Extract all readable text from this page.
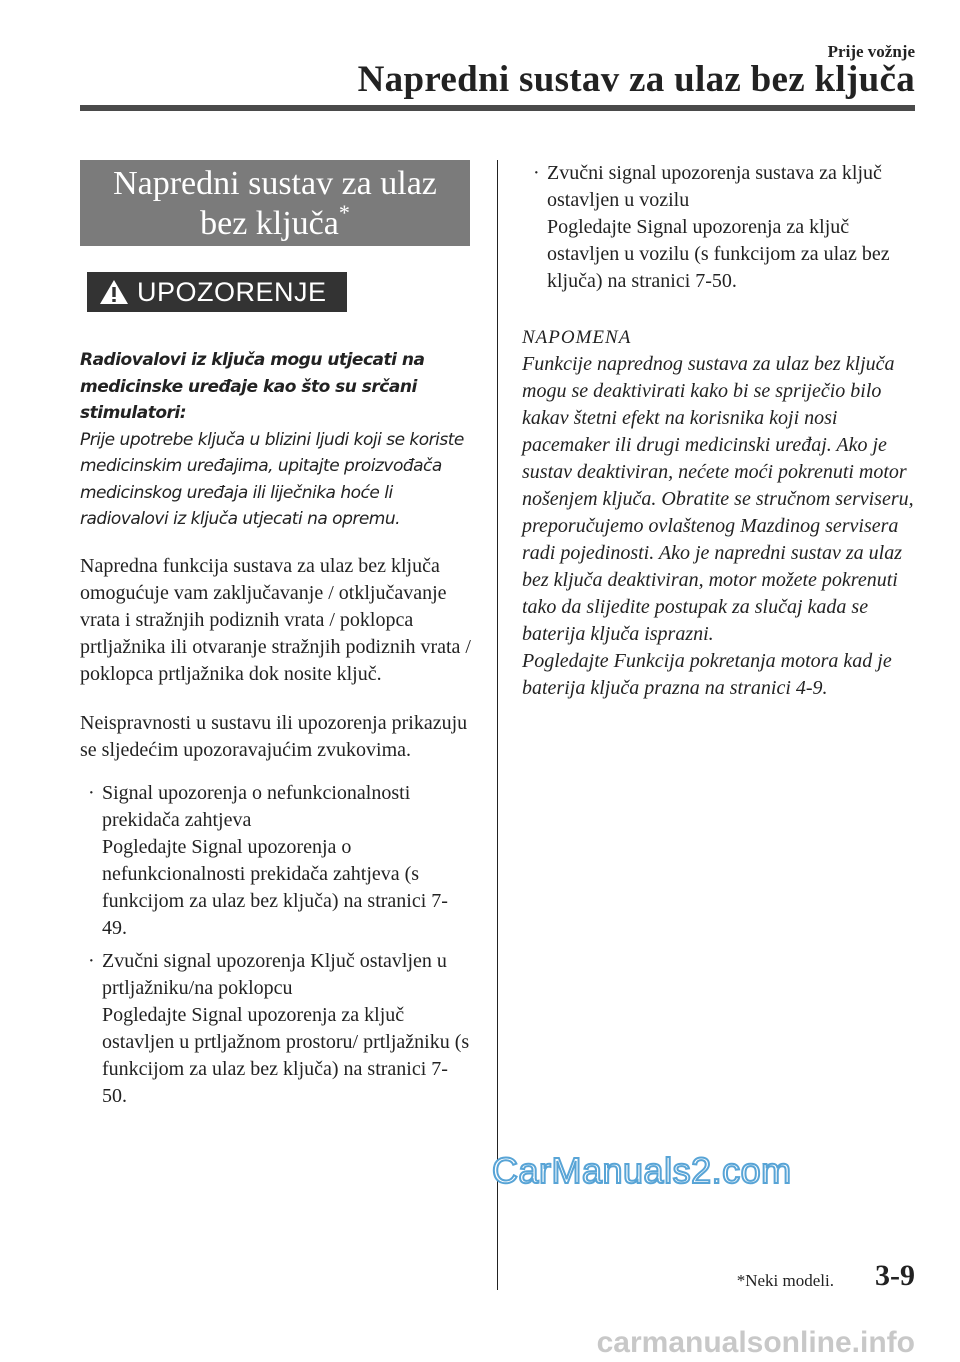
Prije vožnje
Napredni sustav za ulaz bez ključa
Napredni sustav za ulaz
bez ključa*
UPOZORENJE
Radiovalovi iz ključa mogu utjecati na medicinske uređaje kao što su srčani stimulatori:
Prije upotrebe ključa u blizini ljudi koji se koriste medicinskim uređajima, upitajte proizvođača medicinskog uređaja ili liječnika hoće li radiovalovi iz ključa utjecati na opremu.

Napredna funkcija sustava za ulaz bez ključa omogućuje vam zaključavanje / otključavanje vrata i stražnjih podiznih vrata / poklopca prtljažnika ili otvaranje stražnjih podiznih vrata / poklopca prtljažnika dok nosite ključ.

Neispravnosti u sustavu ili upozorenja prikazuju se sljedećim upozoravajućim zvukovima.

· Signal upozorenja o nefunkcionalnosti prekidača zahtjeva
Pogledajte Signal upozorenja o nefunkcionalnosti prekidača zahtjeva (s funkcijom za ulaz bez ključa) na stranici 7-49.
· Zvučni signal upozorenja Ključ ostavljen u prtljažniku/na poklopcu
Pogledajte Signal upozorenja za ključ ostavljen u prtljažnom prostoru/ prtljažniku (s funkcijom za ulaz bez ključa) na stranici 7-50.
· Zvučni signal upozorenja sustava za ključ ostavljen u vozilu
Pogledajte Signal upozorenja za ključ ostavljen u vozilu (s funkcijom za ulaz bez ključa) na stranici 7-50.
NAPOMENA
Funkcije naprednog sustava za ulaz bez ključa mogu se deaktivirati kako bi se spriječio bilo kakav štetni efekt na korisnika koji nosi pacemaker ili drugi medicinski uređaj. Ako je sustav deaktiviran, nećete moći pokrenuti motor nošenjem ključa. Obratite se stručnom serviseru, preporučujemo ovlaštenog Mazdinog servisera radi pojedinosti. Ako je napredni sustav za ulaz bez ključa deaktiviran, motor možete pokrenuti tako da slijedite postupak za slučaj kada se baterija ključa isprazni.
Pogledajte Funkcija pokretanja motora kad je baterija ključa prazna na stranici 4-9.
*Neki modeli. 3-9
CarManuals2.com
carmanualsonline.info
